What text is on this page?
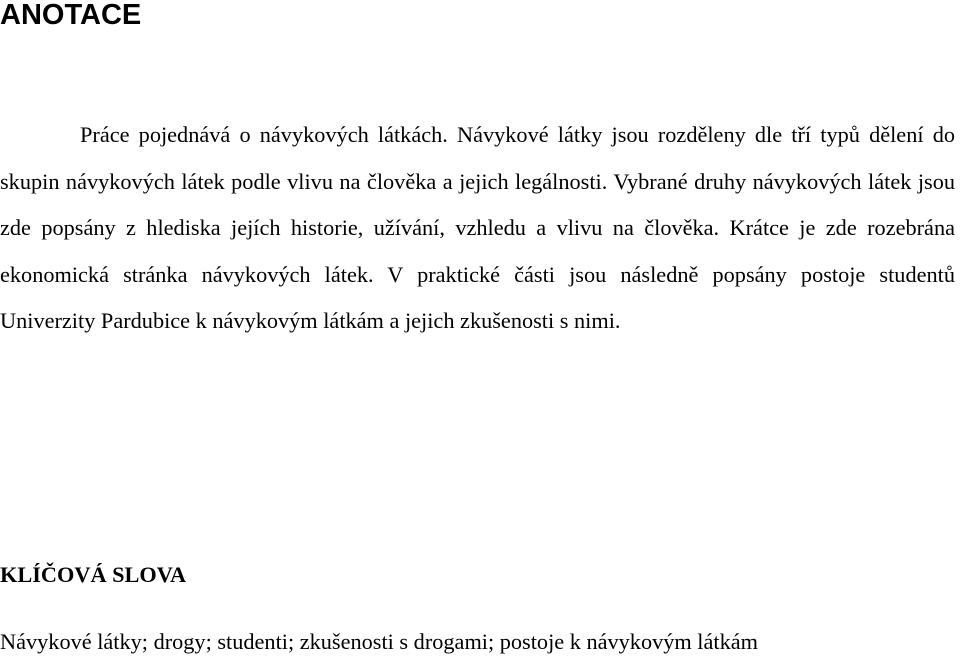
ANOTACE

Práce pojednává o návykových látkách. Návykové látky jsou rozděleny dle tří typů dělení do skupin návykových látek podle vlivu na člověka a jejich legálnosti. Vybrané druhy návykových látek jsou zde popsány z hlediska jejích historie, užívání, vzhledu a vlivu na člověka. Krátce je zde rozebrána ekonomická stránka návykových látek. V praktické části jsou následně popsány postoje studentů Univerzity Pardubice k návykovým látkám a jejich zkušenosti s nimi.

KLÍČOVÁ SLOVA

Návykové látky; drogy; studenti; zkušenosti s drogami; postoje k návykovým látkám
